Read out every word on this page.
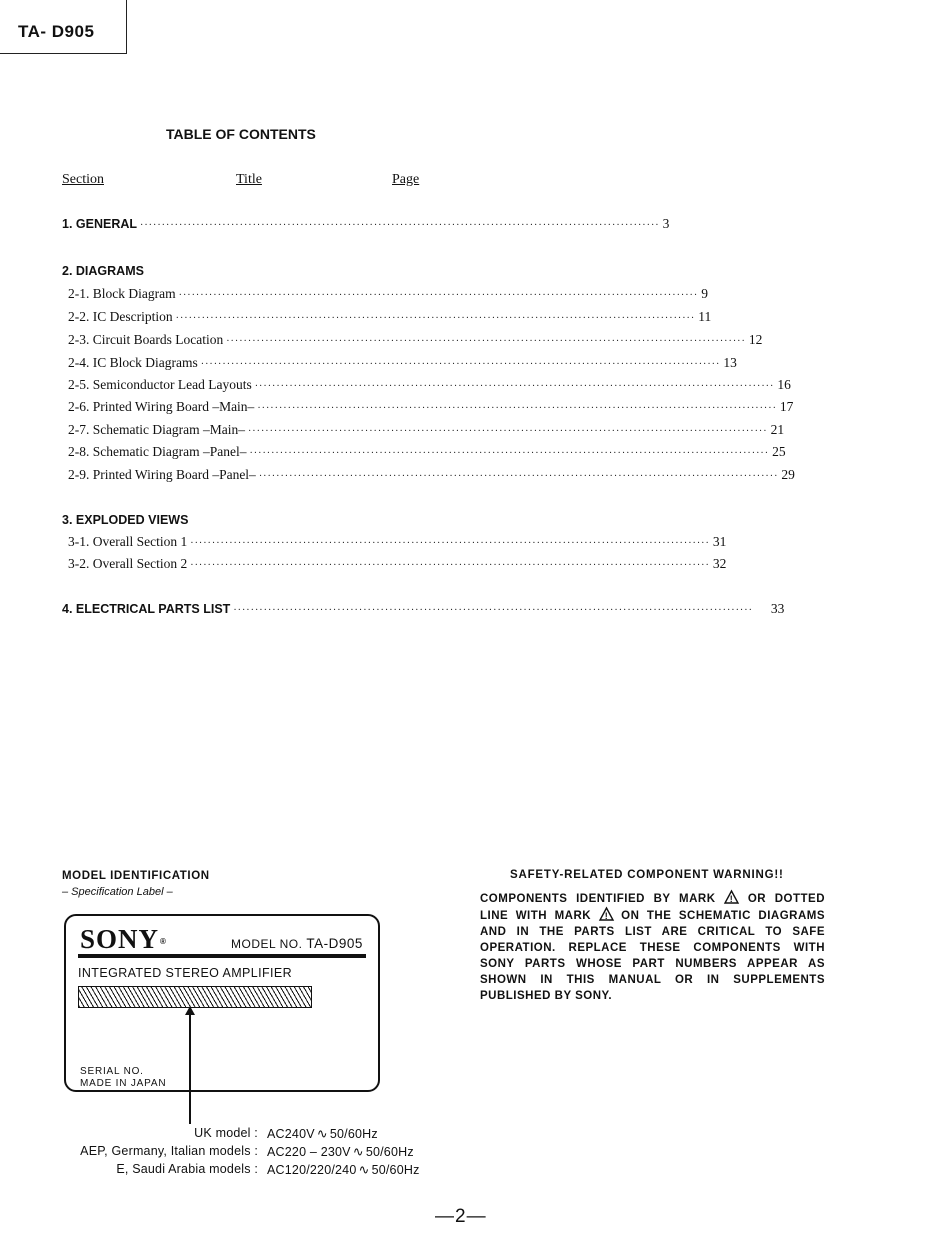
TA- D905
TABLE OF CONTENTS
Section	Title	Page
1. GENERAL ························································································································ 3
2. DIAGRAMS
2-1. Block Diagram ························································································································ 9
2-2. IC Description ························································································································ 11
2-3. Circuit Boards Location ························································································································ 12
2-4. IC Block Diagrams ························································································································ 13
2-5. Semiconductor Lead Layouts ························································································································ 16
2-6. Printed Wiring Board –Main– ························································································································ 17
2-7. Schematic Diagram –Main– ························································································································ 21
2-8. Schematic Diagram –Panel– ························································································································ 25
2-9. Printed Wiring Board –Panel– ························································································································ 29
3. EXPLODED VIEWS
3-1. Overall Section 1 ························································································································ 31
3-2. Overall Section 2 ························································································································ 32
4. ELECTRICAL PARTS LIST ························································································································ 33
MODEL IDENTIFICATION
– Specification Label –
SONY®	MODEL NO. TA-D905
INTEGRATED STEREO AMPLIFIER
SERIAL NO.
MADE IN JAPAN
UK model : AC240V ∿ 50/60Hz
AEP, Germany, Italian models : AC220 – 230V ∿ 50/60Hz
E, Saudi Arabia models : AC120/220/240 ∿ 50/60Hz
SAFETY-RELATED COMPONENT WARNING!!
COMPONENTS IDENTIFIED BY MARK ! OR DOTTED LINE WITH MARK ! ON THE SCHEMATIC DIAGRAMS AND IN THE PARTS LIST ARE CRITICAL TO SAFE OPERATION. REPLACE THESE COMPONENTS WITH SONY PARTS WHOSE PART NUMBERS APPEAR AS SHOWN IN THIS MANUAL OR IN SUPPLEMENTS PUBLISHED BY SONY.
—2—
